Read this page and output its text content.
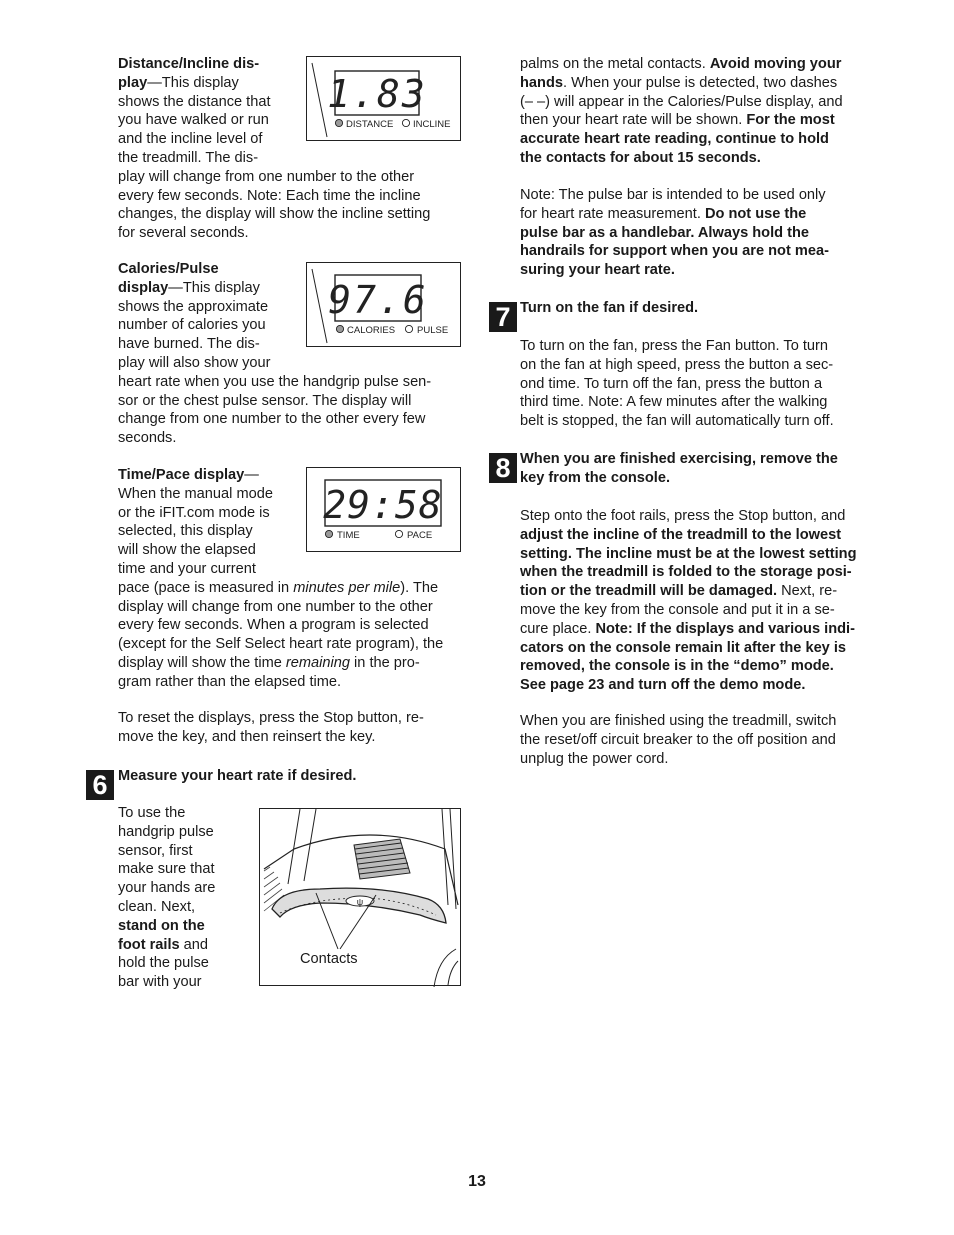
1.83
DISTANCE INCLINE
97.6
CALORIES PULSE
29:58
TIME	PACE
6 Measure your heart rate if desired.
ψ
Contacts
7 Turn on the fan if desired.
8
13
Distance/Incline dis-
play—This display
shows the distance that
you have walked or run
and the incline level of
the treadmill. The dis-
play will change from one number to the other
every few seconds. Note: Each time the incline
changes, the display will show the incline setting
for several seconds.
Calories/Pulse
display—This display
shows the approximate
number of calories you
have burned. The dis-
play will also show your
heart rate when you use the handgrip pulse sen-
sor or the chest pulse sensor. The display will
change from one number to the other every few
seconds.
Time/Pace display—
When the manual mode
or the iFIT.com mode is
selected, this display
will show the elapsed
time and your current
pace (pace is measured in minutes per mile). The
display will change from one number to the other
every few seconds. When a program is selected
(except for the Self Select heart rate program), the
display will show the time remaining in the pro-
gram rather than the elapsed time.
To reset the displays, press the Stop button, re-
move the key, and then reinsert the key.
To use the
handgrip pulse
sensor, first
make sure that
your hands are
clean. Next,
stand on the
foot rails and
hold the pulse
bar with your
palms on the metal contacts. Avoid moving your
hands. When your pulse is detected, two dashes
(– –) will appear in the Calories/Pulse display, and
then your heart rate will be shown. For the most
accurate heart rate reading, continue to hold
the contacts for about 15 seconds.
Note: The pulse bar is intended to be used only
for heart rate measurement. Do not use the
pulse bar as a handlebar. Always hold the
handrails for support when you are not mea-
suring your heart rate.
To turn on the fan, press the Fan button. To turn
on the fan at high speed, press the button a sec-
ond time. To turn off the fan, press the button a
third time. Note: A few minutes after the walking
belt is stopped, the fan will automatically turn off.
When you are finished exercising, remove the
key from the console.
Step onto the foot rails, press the Stop button, and
adjust the incline of the treadmill to the lowest
setting. The incline must be at the lowest setting
when the treadmill is folded to the storage posi-
tion or the treadmill will be damaged. Next, re-
move the key from the console and put it in a se-
cure place. Note: If the displays and various indi-
cators on the console remain lit after the key is
removed, the console is in the “demo” mode.
See page 23 and turn off the demo mode.
When you are finished using the treadmill, switch
the reset/off circuit breaker to the off position and
unplug the power cord.
